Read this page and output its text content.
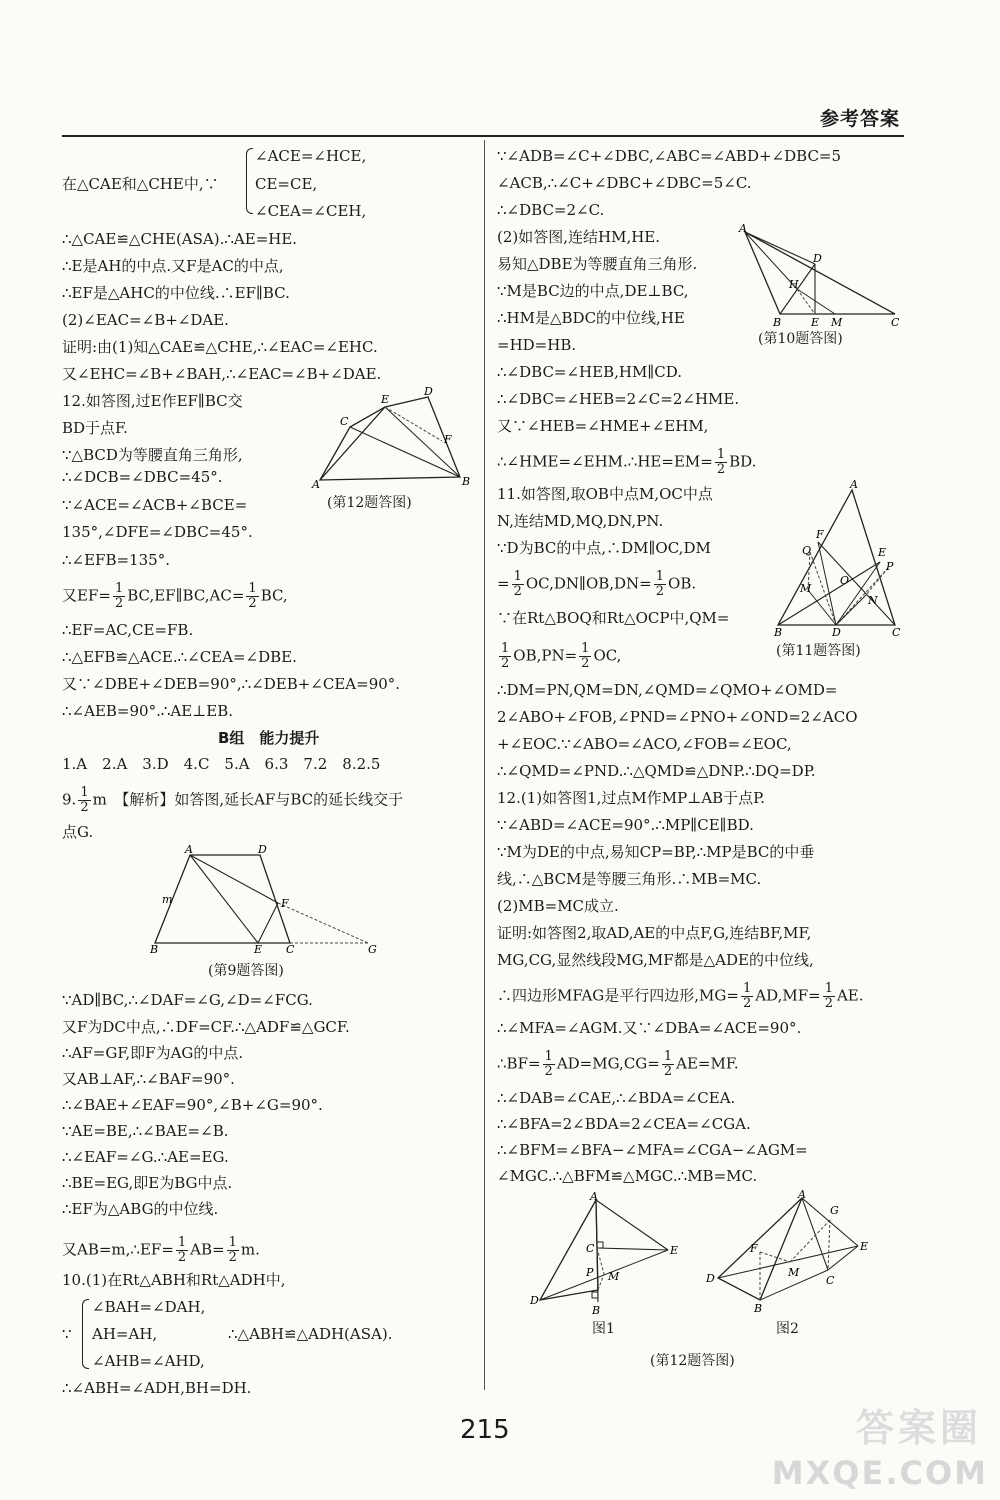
参考答案
∠ACE=∠HCE,
在△CAE和△CHE中,∵ CE=CE,
∠CEA=∠CEH,
∴△CAE≌△CHE(ASA).∴AE=HE.
∴E是AH的中点.又F是AC的中点,
∴EF是△AHC的中位线.∴EF∥BC.
(2)∠EAC=∠B+∠DAE.
证明:由(1)知△CAE≌△CHE,∴∠EAC=∠EHC.
又∠EHC=∠B+∠BAH,∴∠EAC=∠B+∠DAE.
12.如答图,过E作EF∥BC交
BD于点F.
∵△BCD为等腰直角三角形,
∴∠DCB=∠DBC=45°.
∵∠ACE=∠ACB+∠BCE=
135°,∠DFE=∠DBC=45°.
∴∠EFB=135°.
又$EF= \frac{1}{2}$ BC,EF∥BC,AC= $\frac{1}{2}$ BC,
∴EF=AC,CE=FB.
∴△EFB≌△ACE.∴∠CEA=∠DBE.
又∵∠DBE+∠DEB=90°,∴∠DEB+∠CEA=90°.
∴∠AEB=90°.∴AE⊥EB.
A
C
E
D
F
B
(第12题答图)
B组　能力提升
1.A　2.A　3.D　4.C　5.A　6.3　7.2　8.2.5
9. $\frac{1}{2}$ m　【解析】如答图,延长AF与BC的延长线交于
点G.
A	D
m	F
B	E C	G
(第9题答图)
∵AD∥BC,∴∠DAF=∠G,∠D=∠FCG.
又F为DC中点,∴DF=CF.∴△ADF≌△GCF.
∴AF=GF,即F为AG的中点.
又AB⊥AF,∴∠BAF=90°.
∴∠BAE+∠EAF=90°,∠B+∠G=90°.
∵AE=BE,∴∠BAE=∠B.
∴∠EAF=∠G.∴AE=EG.
∴BE=EG,即E为BG中点.
∴EF为△ABG的中位线.
又AB=m,∴EF= $\frac{1}{2} AB= \frac{1}{2} m$.
10.(1)在Rt△ABH和Rt△ADH中,
∠BAH=∠DAH,
∵ AH=AH,	∴△ABH≌△ADH(ASA).
∠AHB=∠AHD,
∴∠ABH=∠ADH,BH=DH.
∵∠ADB=∠C+∠DBC,∠ABC=∠ABD+∠DBC=5
∠ACB,∴∠C+∠DBC+∠DBC=5∠C.
∴∠DBC=2∠C.
(2)如答图,连结HM,HE.
易知△DBE为等腰直角三角形.
∵M是BC边的中点,DE⊥BC,
∴HM是△BDC的中位线,HE
=HD=HB.
∴∠DBC=∠HEB,HM∥CD.
∴∠DBC=∠HEB=2∠C=2∠HME.
又∵∠HEB=∠HME+∠EHM,
∴∠HME=∠EHM.∴HE=EM= $\frac{1}{2}$ BD.
A
D
H
B	E M	C
(第10题答图)
11.如答图,取OB中点M,OC中点
N,连结MD,MQ,DN,PN.
∵D为BC的中点,∴DM∥OC,DM
= $\frac{1}{2}$ OC,DN∥OB,DN= $\frac{1}{2}$ OB.
∵在Rt△BOQ和Rt△OCP中,QM=
$\frac{1}{2} OB,PN= \frac{1}{2}$ OC,
A
F
Q	E
P
O
M
N
B	D	C
(第11题答图)
∴DM=PN,QM=DN,∠QMD=∠QMO+∠OMD=
2∠ABO+∠FOB,∠PND=∠PNO+∠OND=2∠ACO
+∠EOC.∵∠ABO=∠ACO,∠FOB=∠EOC,
∴∠QMD=∠PND.∴△QMD≌△DNP.∴DQ=DP.
12.(1)如答图1,过点M作MP⊥AB于点P.
∵∠ABD=∠ACE=90°.∴MP∥CE∥BD.
∵M为DE的中点,易知CP=BP,∴MP是BC的中垂
线,∴△BCM是等腰三角形.∴MB=MC.
(2)MB=MC成立.
证明:如答图2,取AD,AE的中点F,G,连结BF,MF,
MG,CG,显然线段MG,MF都是△ADE的中位线,
∴四边形MFAG是平行四边形$,MG= \frac{1}{2} AD,MF= \frac{1}{2}$ AE.
∴∠MFA=∠AGM.又∵∠DBA=∠ACE=90°.
∴BF= $\frac{1}{2} AD=MG,CG= \frac{1}{2} AE=MF$.
∴∠DAB=∠CAE,∴∠BDA=∠CEA.
∴∠BFA=2∠BDA=2∠CEA=∠CGA.
∴∠BFM=∠BFA−∠MFA=∠CGA−∠AGM=
∠MGC.∴△BFM≌△MGC.∴MB=MC.
A
C	E
P M
D
B
图1
A
G
F	E
M
C
D
B
图2
(第12题答图)
215	答案圈
MXQE.COM
